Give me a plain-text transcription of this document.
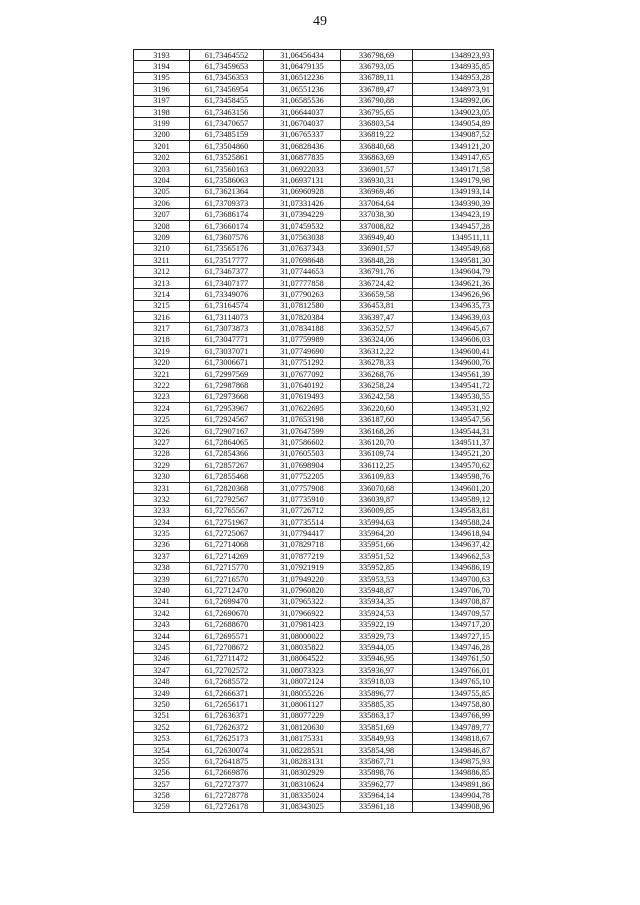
49
3193	61,73464552	31,06456434	336798,69	1348923,93
3194	61,73459653	31,06479135	336793,05	1348935,85
3195	61,73456353	31,06512236	336789,11	1348953,28
3196	61,73456954	31,06551236	336789,47	1348973,91
3197	61,73458455	31,06585536	336790,88	1348992,06
3198	61,73463156	31,06644037	336795,65	1349023,05
3199	61,73470657	31,06704037	336803,54	1349054,89
3200	61,73485159	31,06765337	336819,22	1349087,52
3201	61,73504860	31,06828436	336840,68	1349121,20
3202	61,73525861	31,06877835	336863,69	1349147,65
3203	61,73560163	31,06922033	336901,57	1349171,58
3204	61,73586063	31,06937131	336930,31	1349179,98
3205	61,73621364	31,06960928	336969,46	1349193,14
3206	61,73709373	31,07331426	337064,64	1349390,39
3207	61,73686174	31,07394229	337038,30	1349423,19
3208	61,73660174	31,07459532	337008,82	1349457,28
3209	61,73607576	31,07563038	336949,40	1349511,11
3210	61,73565176	31,07637343	336901,57	1349549,68
3211	61,73517777	31,07698648	336848,28	1349581,30
3212	61,73467377	31,07744653	336791,76	1349604,79
3213	61,73407177	31,07777858	336724,42	1349621,36
3214	61,73349076	31,07790263	336659,58	1349626,96
3215	61,73164574	31,07812580	336453,81	1349635,73
3216	61,73114073	31,07820384	336397,47	1349639,03
3217	61,73073873	31,07834188	336352,57	1349645,67
3218	61,73047771	31,07759989	336324,06	1349606,03
3219	61,73037071	31,07749690	336312,22	1349600,41
3220	61,73006671	31,07751292	336278,33	1349600,76
3221	61,72997569	31,07677092	336268,76	1349561,39
3222	61,72987868	31,07640192	336258,24	1349541,72
3223	61,72973668	31,07619493	336242,58	1349530,55
3224	61,72953967	31,07622695	336220,60	1349531,92
3225	61,72924567	31,07653198	336187,60	1349547,56
3226	61,72907167	31,07647599	336168,26	1349544,31
3227	61,72864065	31,07586602	336120,70	1349511,37
3228	61,72854366	31,07605503	336109,74	1349521,20
3229	61,72857267	31,07698904	336112,25	1349570,62
3230	61,72855468	31,07752205	336109,83	1349598,76
3231	61,72820368	31,07757908	336070,68	1349601,20
3232	61,72792567	31,07735910	336039,87	1349589,12
3233	61,72765567	31,07726712	336009,85	1349583,81
3234	61,72751967	31,07735514	335994,63	1349588,24
3235	61,72725067	31,07794417	335964,20	1349618,94
3236	61,72714068	31,07829718	335951,66	1349637,42
3237	61,72714269	31,07877219	335951,52	1349662,53
3238	61,72715770	31,07921919	335952,85	1349686,19
3239	61,72716570	31,07949220	335953,53	1349700,63
3240	61,72712470	31,07960820	335948,87	1349706,70
3241	61,72699470	31,07965322	335934,35	1349708,87
3242	61,72690670	31,07966922	335924,53	1349709,57
3243	61,72688670	31,07981423	335922,19	1349717,20
3244	61,72695571	31,08000022	335929,73	1349727,15
3245	61,72708672	31,08035822	335944,05	1349746,28
3246	61,72711472	31,08064522	335946,95	1349761,50
3247	61,72702572	31,08073323	335936,97	1349766,01
3248	61,72685572	31,08072124	335918,03	1349765,10
3249	61,72666371	31,08055226	335896,77	1349755,85
3250	61,72656171	31,08061127	335885,35	1349758,80
3251	61,72636371	31,08077229	335863,17	1349766,99
3252	61,72626372	31,08120630	335851,69	1349789,77
3253	61,72625173	31,08175331	335849,93	1349818,67
3254	61,72630074	31,08228531	335854,98	1349846,87
3255	61,72641875	31,08283131	335867,71	1349875,93
3256	61,72669876	31,08302929	335898,76	1349886,85
3257	61,72727377	31,08310624	335962,77	1349891,86
3258	61,72728778	31,08335024	335964,14	1349904,78
3259	61,72726178	31,08343025	335961,18	1349908,96
